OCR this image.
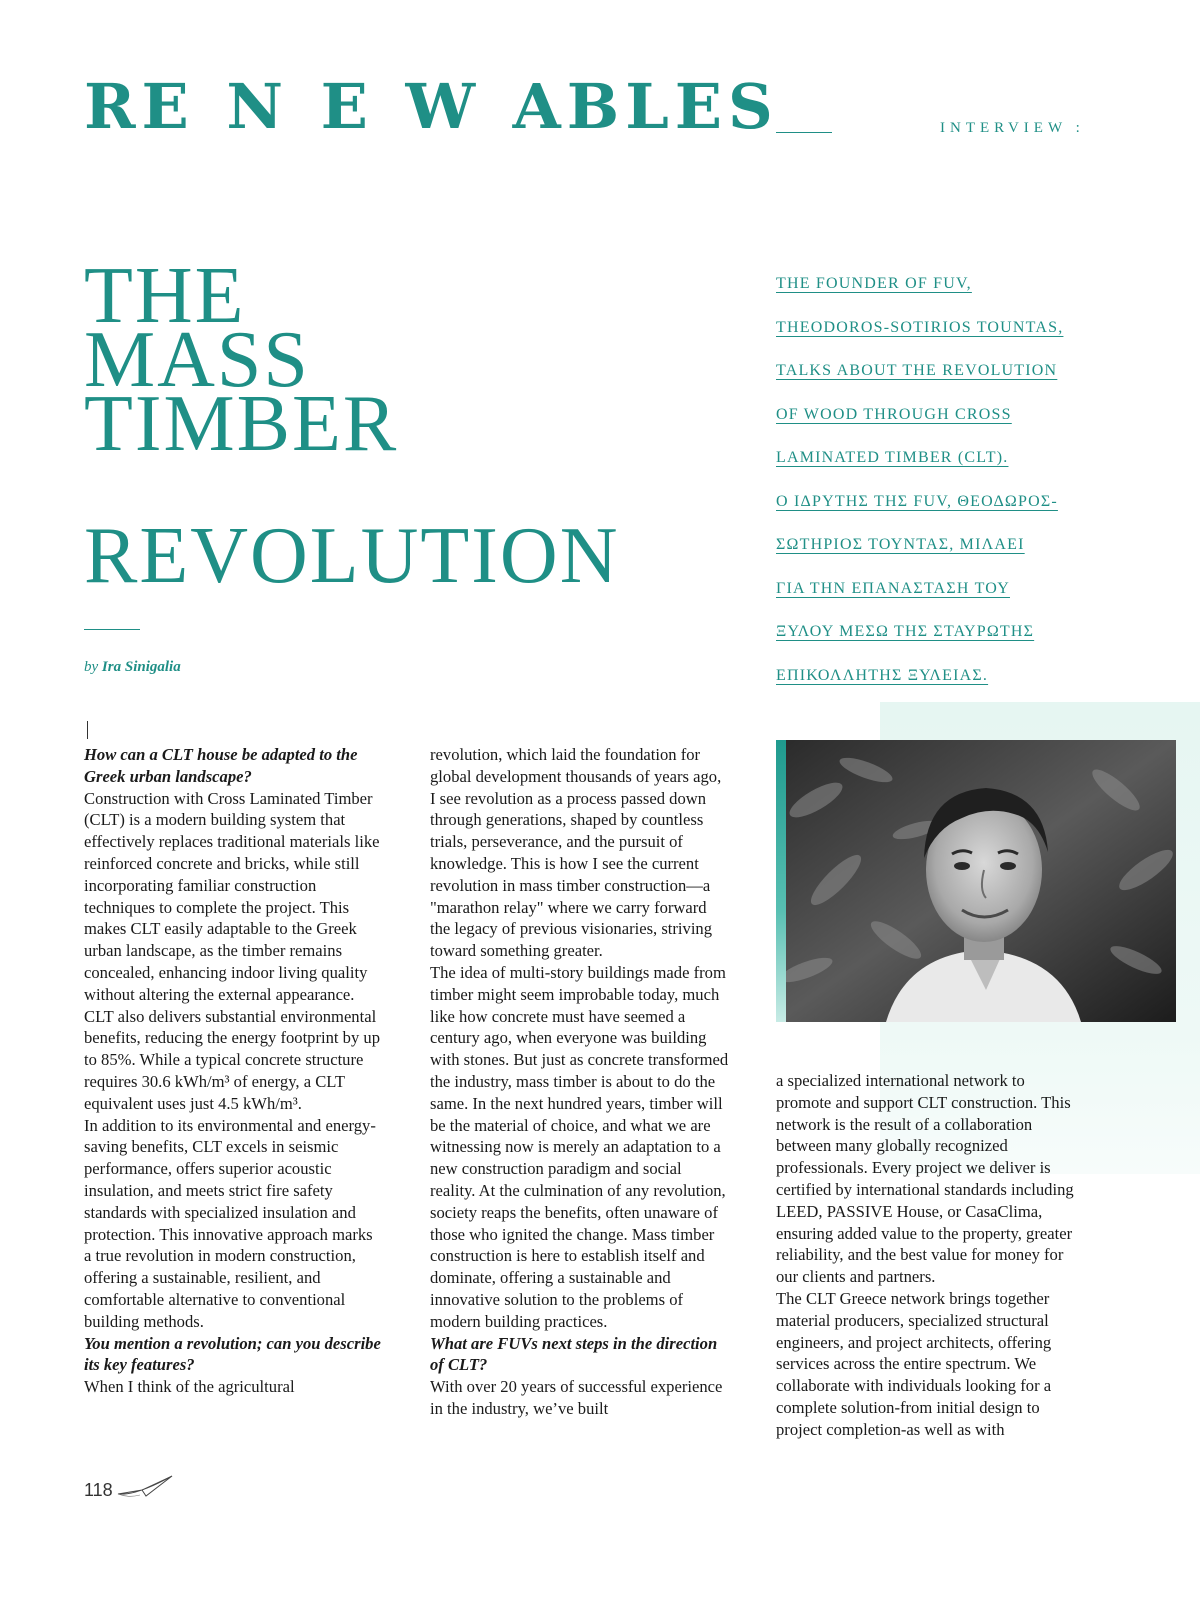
RE N E W ABLES	INTERVIEW :

THE
MASS
TIMBER
REVOLUTION

by Ira Sinigalia

THE FOUNDER OF FUV,
THEODOROS-SOTIRIOS TOUNTAS,
TALKS ABOUT THE REVOLUTION
OF WOOD THROUGH CROSS
LAMINATED TIMBER (CLT).
Ο ΙΔΡΥΤΗΣ ΤΗΣ FUV, ΘΕΟΔΩΡΟΣ-
ΣΩΤΗΡΙΟΣ ΤΟΥΝΤΑΣ, ΜΙΛΑΕΙ
ΓΙΑ ΤΗΝ ΕΠΑΝΑΣΤΑΣΗ ΤΟΥ
ΞΥΛΟΥ ΜΕΣΩ ΤΗΣ ΣΤΑΥΡΩΤΗΣ
ΕΠΙΚΟΛΛΗΤΗΣ ΞΥΛΕΙΑΣ.

How can a CLT house be adapted to the Greek urban landscape?

Construction with Cross Laminated Timber (CLT) is a modern building system that effectively replaces traditional materials like reinforced concrete and bricks, while still incorporating familiar construction techniques to complete the project. This makes CLT easily adaptable to the Greek urban landscape, as the timber remains concealed, enhancing indoor living quality without altering the external appearance.

CLT also delivers substantial environmental benefits, reducing the energy footprint by up to 85%. While a typical concrete structure requires 30.6 kWh/m³ of energy, a CLT equivalent uses just 4.5 kWh/m³.

In addition to its environmental and energy-saving benefits, CLT excels in seismic performance, offers superior acoustic insulation, and meets strict fire safety standards with specialized insulation and protection. This innovative approach marks a true revolution in modern construction, offering a sustainable, resilient, and comfortable alternative to conventional building methods.

You mention a revolution; can you describe its key features?

When I think of the agricultural

revolution, which laid the foundation for global development thousands of years ago, I see revolution as a process passed down through generations, shaped by countless trials, perseverance, and the pursuit of knowledge. This is how I see the current revolution in mass timber construction—a "marathon relay" where we carry forward the legacy of previous visionaries, striving toward something greater.

The idea of multi-story buildings made from timber might seem improbable today, much like how concrete must have seemed a century ago, when everyone was building with stones. But just as concrete transformed the industry, mass timber is about to do the same. In the next hundred years, timber will be the material of choice, and what we are witnessing now is merely an adaptation to a new construction paradigm and social reality. At the culmination of any revolution, society reaps the benefits, often unaware of those who ignited the change. Mass timber construction is here to establish itself and dominate, offering a sustainable and innovative solution to the problems of modern building practices.

What are FUVs next steps in the direction of CLT?

With over 20 years of successful experience in the industry, we’ve built

a specialized international network to promote and support CLT construction. This network is the result of a collaboration between many globally recognized professionals. Every project we deliver is certified by international standards including LEED, PASSIVE House, or CasaClima, ensuring added value to the property, greater reliability, and the best value for money for our clients and partners.

The CLT Greece network brings together material producers, specialized structural engineers, and project architects, offering services across the entire spectrum. We collaborate with individuals looking for a complete solution-from initial design to project completion-as well as with

118
